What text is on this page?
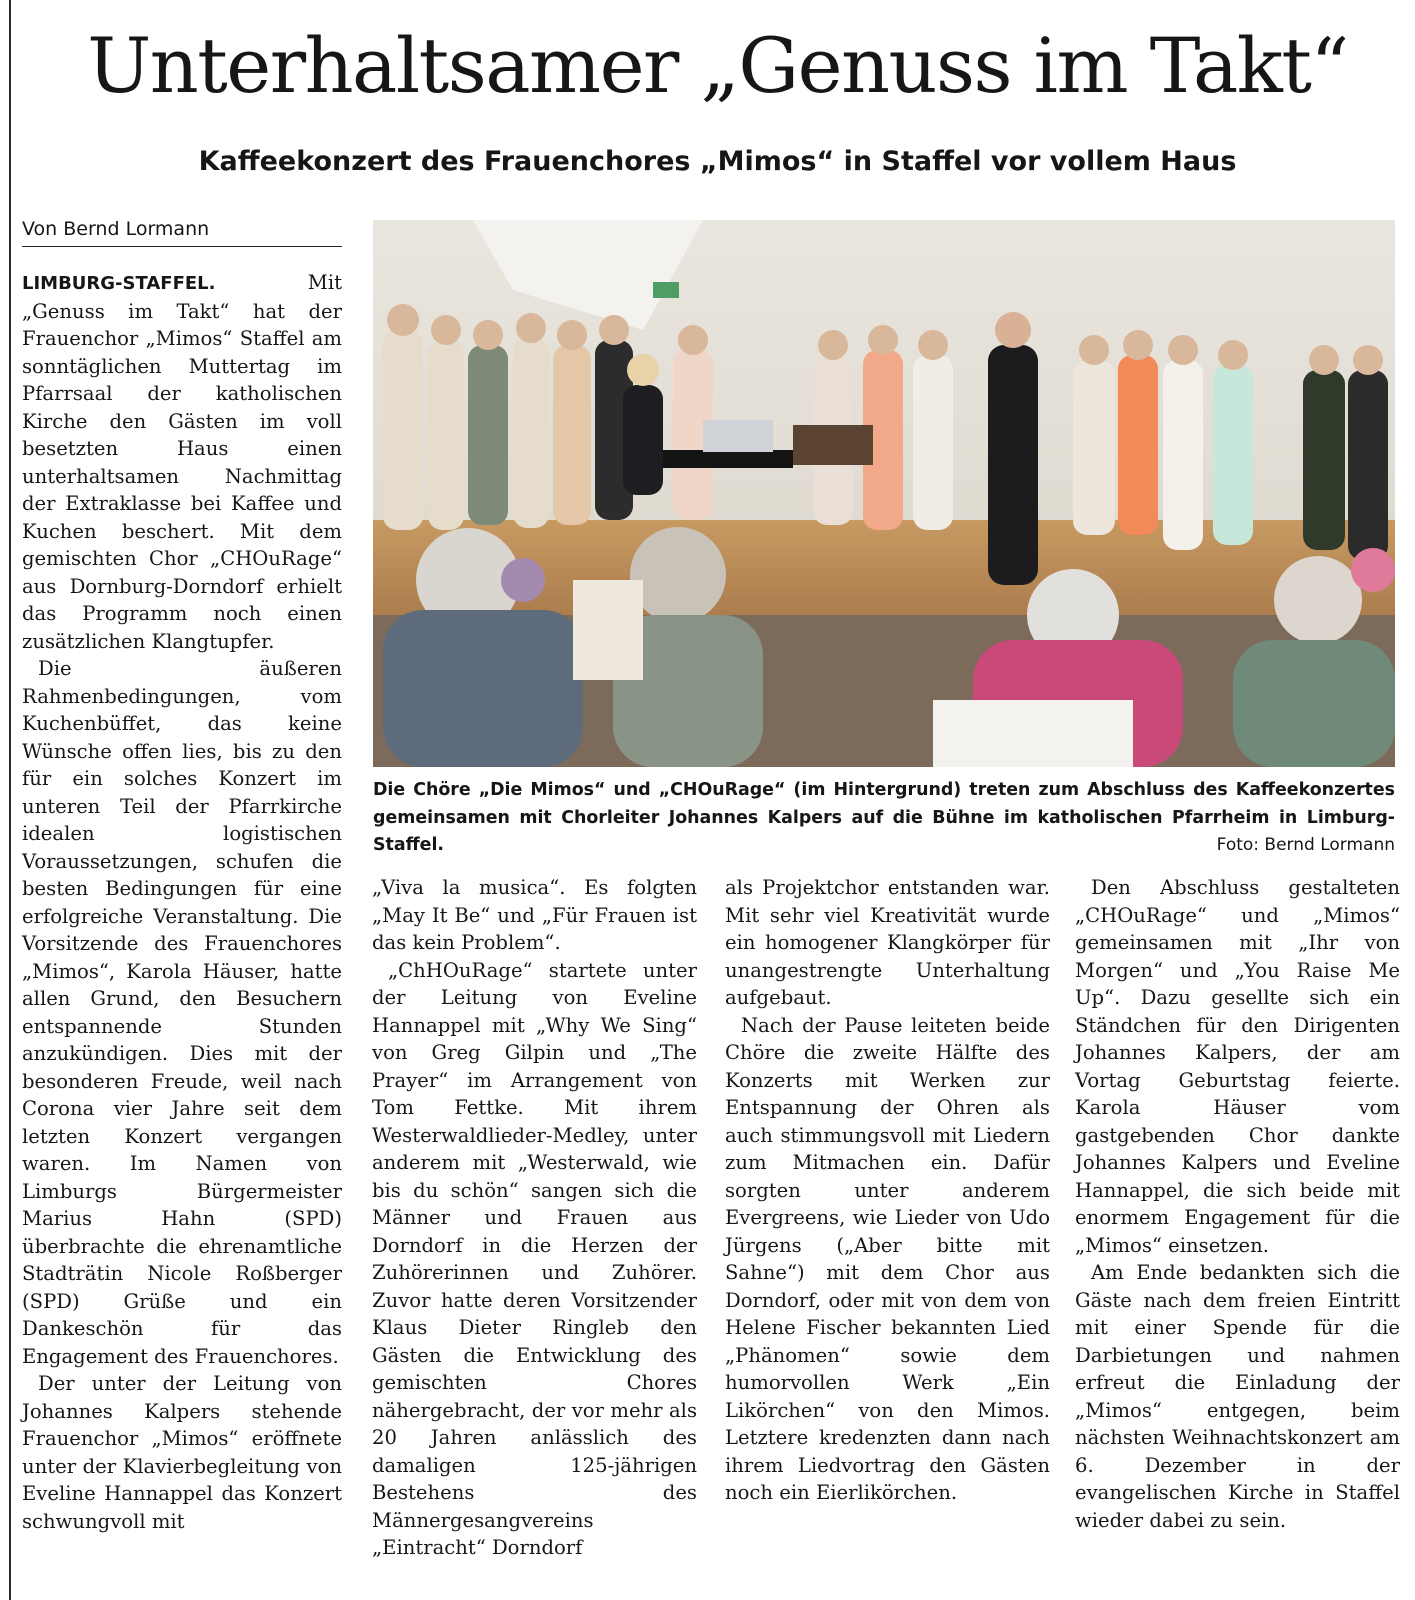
Unterhaltsamer „Genuss im Takt“
Kaffeekonzert des Frauenchores „Mimos“ in Staffel vor vollem Haus
Von Bernd Lormann

LIMBURG-STAFFEL. Mit „Genuss im Takt“ hat der Frauenchor „Mimos“ Staffel am sonntäglichen Muttertag im Pfarrsaal der katholischen Kirche den Gästen im voll besetzten Haus einen unterhaltsamen Nachmittag der Extraklasse bei Kaffee und Kuchen beschert. Mit dem gemischten Chor „CHOuRage“ aus Dornburg-Dorndorf erhielt das Programm noch einen zusätzlichen Klangtupfer.

Die äußeren Rahmenbedingungen, vom Kuchenbüffet, das keine Wünsche offen lies, bis zu den für ein solches Konzert im unteren Teil der Pfarrkirche idealen logistischen Voraussetzungen, schufen die besten Bedingungen für eine erfolgreiche Veranstaltung. Die Vorsitzende des Frauenchores „Mimos“, Karola Häuser, hatte allen Grund, den Besuchern entspannende Stunden anzukündigen. Dies mit der besonderen Freude, weil nach Corona vier Jahre seit dem letzten Konzert vergangen waren. Im Namen von Limburgs Bürgermeister Marius Hahn (SPD) überbrachte die ehrenamtliche Stadträtin Nicole Roßberger (SPD) Grüße und ein Dankeschön für das Engagement des Frauenchores.

Der unter der Leitung von Johannes Kalpers stehende Frauenchor „Mimos“ eröffnete unter der Klavierbegleitung von Eveline Hannappel das Konzert schwungvoll mit

Die Chöre „Die Mimos“ und „CHOuRage“ (im Hintergrund) treten zum Abschluss des Kaffeekonzertes gemeinsamen mit Chorleiter Johannes Kalpers auf die Bühne im katholischen Pfarrheim in Limburg-Staffel.	Foto: Bernd Lormann

„Viva la musica“. Es folgten „May It Be“ und „Für Frauen ist das kein Problem“.

„ChHOuRage“ startete unter der Leitung von Eveline Hannappel mit „Why We Sing“ von Greg Gilpin und „The Prayer“ im Arrangement von Tom Fettke. Mit ihrem Westerwaldlieder-Medley, unter anderem mit „Westerwald, wie bis du schön“ sangen sich die Männer und Frauen aus Dorndorf in die Herzen der Zuhörerinnen und Zuhörer. Zuvor hatte deren Vorsitzender Klaus Dieter Ringleb den Gästen die Entwicklung des gemischten Chores nähergebracht, der vor mehr als 20 Jahren anlässlich des damaligen 125-jährigen Bestehens des Männergesangvereins „Eintracht“ Dorndorf

als Projektchor entstanden war. Mit sehr viel Kreativität wurde ein homogener Klangkörper für unangestrengte Unterhaltung aufgebaut.

Nach der Pause leiteten beide Chöre die zweite Hälfte des Konzerts mit Werken zur Entspannung der Ohren als auch stimmungsvoll mit Liedern zum Mitmachen ein. Dafür sorgten unter anderem Evergreens, wie Lieder von Udo Jürgens („Aber bitte mit Sahne“) mit dem Chor aus Dorndorf, oder mit von dem von Helene Fischer bekannten Lied „Phänomen“ sowie dem humorvollen Werk „Ein Likörchen“ von den Mimos. Letztere kredenzten dann nach ihrem Liedvortrag den Gästen noch ein Eierlikörchen.

Den Abschluss gestalteten „CHOuRage“ und „Mimos“ gemeinsamen mit „Ihr von Morgen“ und „You Raise Me Up“. Dazu gesellte sich ein Ständchen für den Dirigenten Johannes Kalpers, der am Vortag Geburtstag feierte. Karola Häuser vom gastgebenden Chor dankte Johannes Kalpers und Eveline Hannappel, die sich beide mit enormem Engagement für die „Mimos“ einsetzen.

Am Ende bedankten sich die Gäste nach dem freien Eintritt mit einer Spende für die Darbietungen und nahmen erfreut die Einladung der „Mimos“ entgegen, beim nächsten Weihnachtskonzert am 6. Dezember in der evangelischen Kirche in Staffel wieder dabei zu sein.
